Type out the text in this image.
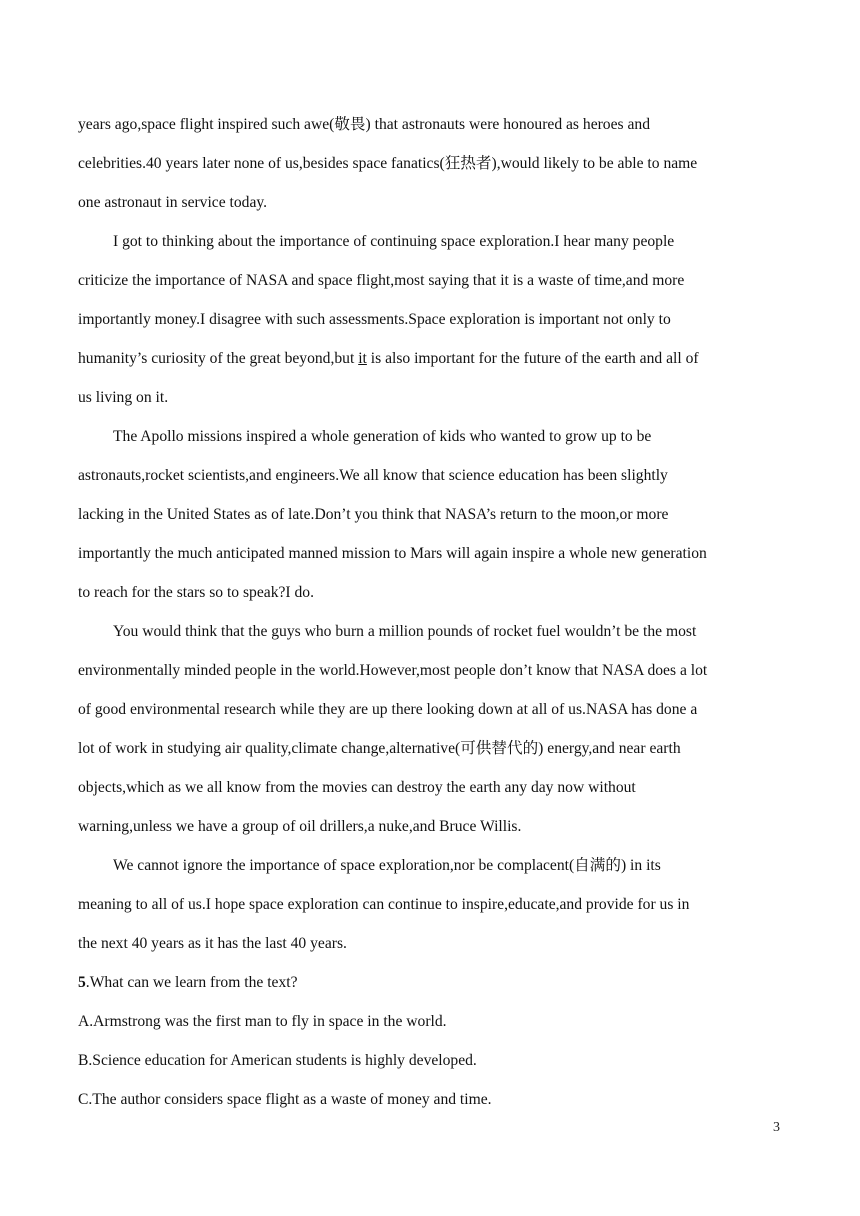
years ago,space flight inspired such awe(敬畏) that astronauts were honoured as heroes and
celebrities.40 years later none of us,besides space fanatics(狂热者),would likely to be able to name
one astronaut in service today.
I got to thinking about the importance of continuing space exploration.I hear many people
criticize the importance of NASA and space flight,most saying that it is a waste of time,and more
importantly money.I disagree with such assessments.Space exploration is important not only to
humanity’s curiosity of the great beyond,but it is also important for the future of the earth and all of
us living on it.
The Apollo missions inspired a whole generation of kids who wanted to grow up to be
astronauts,rocket scientists,and engineers.We all know that science education has been slightly
lacking in the United States as of late.Don’t you think that NASA’s return to the moon,or more
importantly the much anticipated manned mission to Mars will again inspire a whole new generation
to reach for the stars so to speak?I do.
You would think that the guys who burn a million pounds of rocket fuel wouldn’t be the most
environmentally minded people in the world.However,most people don’t know that NASA does a lot
of good environmental research while they are up there looking down at all of us.NASA has done a
lot of work in studying air quality,climate change,alternative(可供替代的) energy,and near earth
objects,which as we all know from the movies can destroy the earth any day now without
warning,unless we have a group of oil drillers,a nuke,and Bruce Willis.
We cannot ignore the importance of space exploration,nor be complacent(自满的) in its
meaning to all of us.I hope space exploration can continue to inspire,educate,and provide for us in
the next 40 years as it has the last 40 years.
5.What can we learn from the text?
A.Armstrong was the first man to fly in space in the world.
B.Science education for American students is highly developed.
C.The author considers space flight as a waste of money and time.
3
